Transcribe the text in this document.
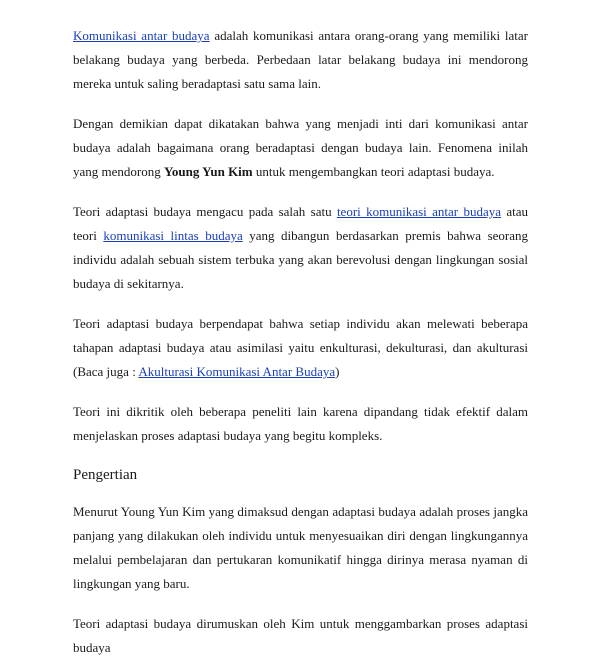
Komunikasi antar budaya adalah komunikasi antara orang-orang yang memiliki latar belakang budaya yang berbeda. Perbedaan latar belakang budaya ini mendorong mereka untuk saling beradaptasi satu sama lain.

Dengan demikian dapat dikatakan bahwa yang menjadi inti dari komunikasi antar budaya adalah bagaimana orang beradaptasi dengan budaya lain. Fenomena inilah yang mendorong Young Yun Kim untuk mengembangkan teori adaptasi budaya.

Teori adaptasi budaya mengacu pada salah satu teori komunikasi antar budaya atau teori komunikasi lintas budaya yang dibangun berdasarkan premis bahwa seorang individu adalah sebuah sistem terbuka yang akan berevolusi dengan lingkungan sosial budaya di sekitarnya.

Teori adaptasi budaya berpendapat bahwa setiap individu akan melewati beberapa tahapan adaptasi budaya atau asimilasi yaitu enkulturasi, dekulturasi, dan akulturasi (Baca juga : Akulturasi Komunikasi Antar Budaya)

Teori ini dikritik oleh beberapa peneliti lain karena dipandang tidak efektif dalam menjelaskan proses adaptasi budaya yang begitu kompleks.

Pengertian

Menurut Young Yun Kim yang dimaksud dengan adaptasi budaya adalah proses jangka panjang yang dilakukan oleh individu untuk menyesuaikan diri dengan lingkungannya melalui pembelajaran dan pertukaran komunikatif hingga dirinya merasa nyaman di lingkungan yang baru.

Teori adaptasi budaya dirumuskan oleh Kim untuk menggambarkan proses adaptasi budaya
